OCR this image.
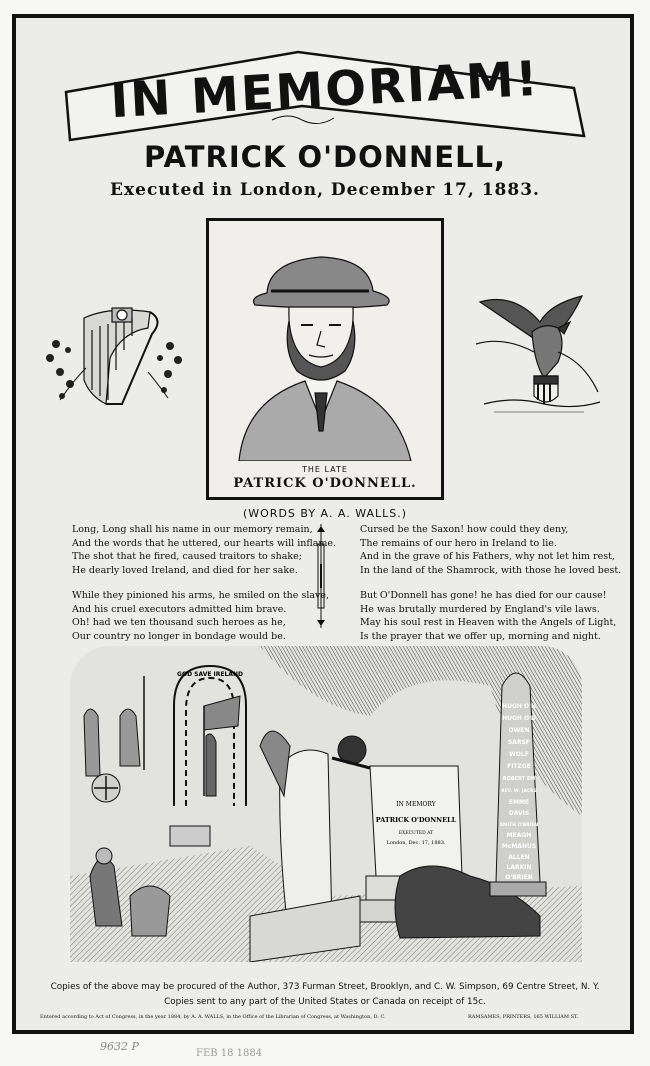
IN MEMORIAM!
PATRICK O'DONNELL,
Executed in London, December 17, 1883.
THE LATE
PATRICK O'DONNELL.
(WORDS BY A. A. WALLS.)

Long, Long shall his name in our memory remain,
And the words that he uttered, our hearts will inflame.
The shot that he fired, caused traitors to shake;
He dearly loved Ireland, and died for her sake.

While they pinioned his arms, he smiled on the slave,
And his cruel executors admitted him brave.
Oh! had we ten thousand such heroes as he,
Our country no longer in bondage would be.

Cursed be the Saxon! how could they deny,
The remains of our hero in Ireland to lie.
And in the grave of his Fathers, why not let him rest,
In the land of the Shamrock, with those he loved best.

But O'Donnell has gone! he has died for our cause!
He was brutally murdered by England's vile laws.
May his soul rest in Heaven with the Angels of Light,
Is the prayer that we offer up, morning and night.

GOD SAVE IRELAND
IN MEMORY
PATRICK O'DONNELL
EXECUTED AT
London, Dec. 17, 1883.
HUGH O'N
HUGH O'D
OWEN
SARSF
WOLF
FITZGE
ROBERT EM
REV. W. JACKS
EMME
DAVIS
SMITH O'BRIEN
MEAGH
McMANUS
ALLEN
LARKIN
O'BRIEN
Copies of the above may be procured of the Author, 373 Furman Street, Brooklyn, and C. W. Simpson, 69 Centre Street, N. Y.
Copies sent to any part of the United States or Canada on receipt of 15c.
Entered according to Act of Congress, in the year 1884, by A. A. WALLS, in the Office of the Librarian of Congress, at Washington, D. C.	RAMSAMES, PRINTERS, 165 WILLIAM ST.
9632 P
FEB 18 1884
